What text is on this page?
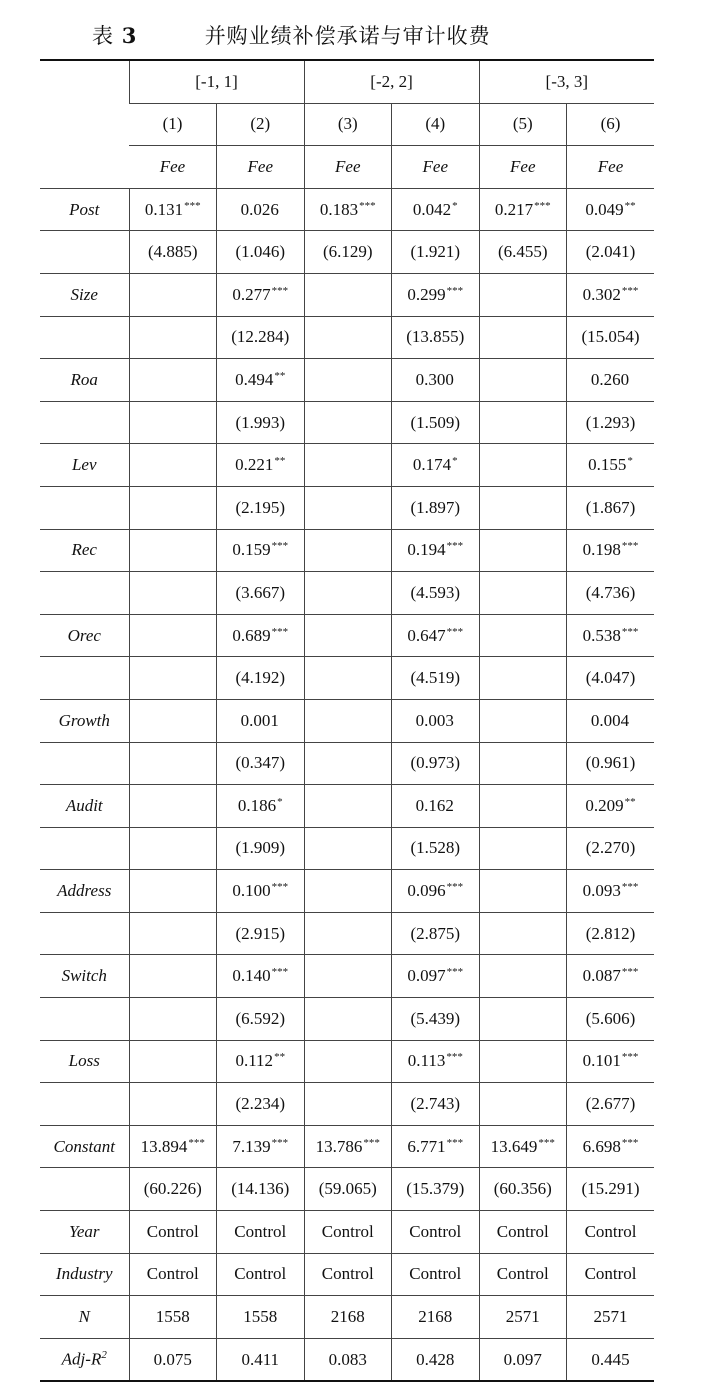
表 3	并购业绩补偿承诺与审计收费
	[-1, 1]		[-2, 2]		[-3, 3]	
	(1)	(2)	(3)	(4)	(5)	(6)
	Fee	Fee	Fee	Fee	Fee	Fee
Post	0.131***	0.026	0.183***	0.042*	0.217***	0.049**
	(4.885)	(1.046)	(6.129)	(1.921)	(6.455)	(2.041)
Size		0.277***		0.299***		0.302***
		(12.284)		(13.855)		(15.054)
Roa		0.494**		0.300		0.260
		(1.993)		(1.509)		(1.293)
Lev		0.221**		0.174*		0.155*
		(2.195)		(1.897)		(1.867)
Rec		0.159***		0.194***		0.198***
		(3.667)		(4.593)		(4.736)
Orec		0.689***		0.647***		0.538***
		(4.192)		(4.519)		(4.047)
Growth		0.001		0.003		0.004
		(0.347)		(0.973)		(0.961)
Audit		0.186*		0.162		0.209**
		(1.909)		(1.528)		(2.270)
Address		0.100***		0.096***		0.093***
		(2.915)		(2.875)		(2.812)
Switch		0.140***		0.097***		0.087***
		(6.592)		(5.439)		(5.606)
Loss		0.112**		0.113***		0.101***
		(2.234)		(2.743)		(2.677)
Constant	13.894***	7.139***	13.786***	6.771***	13.649***	6.698***
	(60.226)	(14.136)	(59.065)	(15.379)	(60.356)	(15.291)
Year	Control	Control	Control	Control	Control	Control
Industry	Control	Control	Control	Control	Control	Control
N	1558	1558	2168	2168	2571	2571
Adj-$R^2$	0.075	0.411	0.083	0.428	0.097	0.445
